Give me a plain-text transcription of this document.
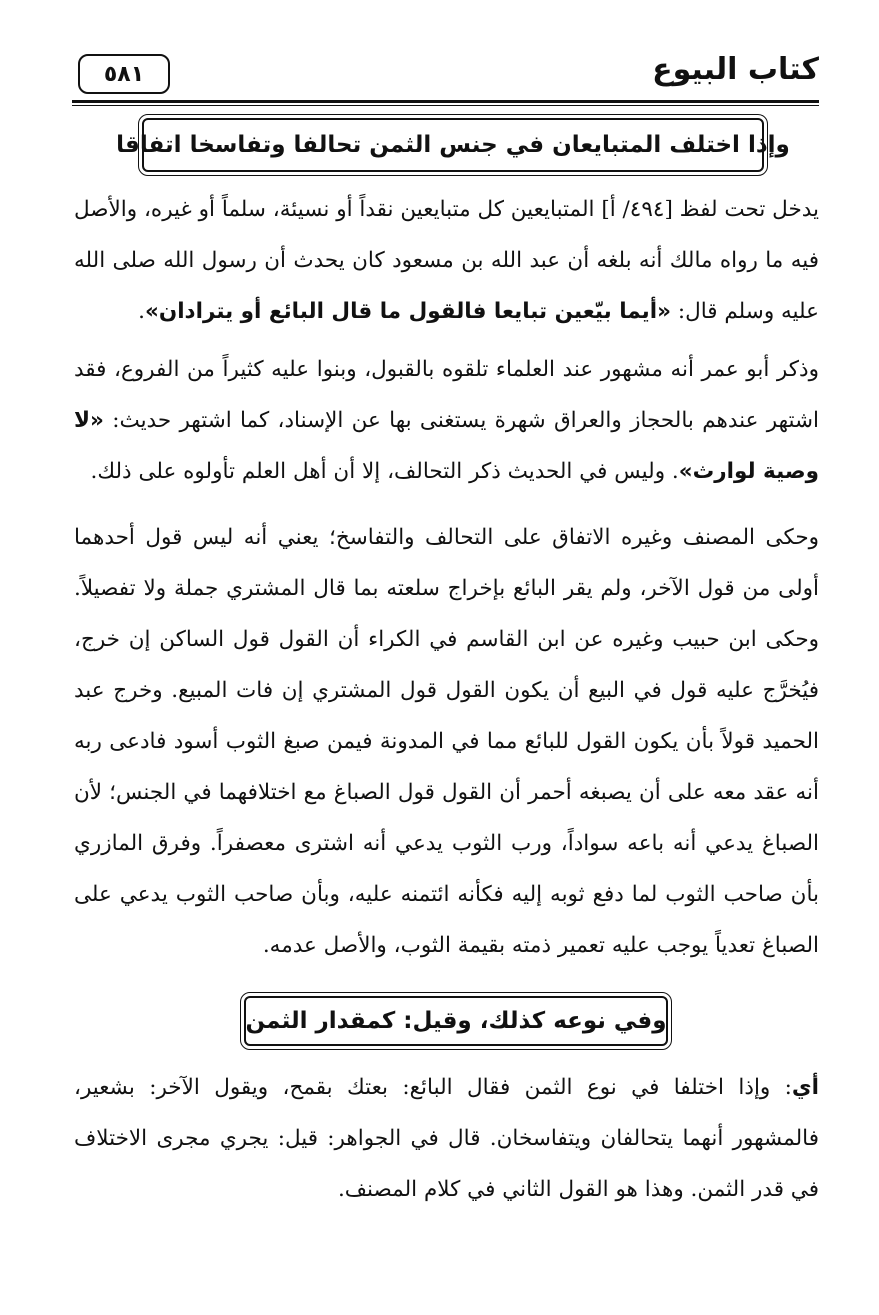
كتاب البيوع
٥٨١
وإذا اختلف المتبايعان في جنس الثمن تحالفا وتفاسخا اتفاقا
يدخل تحت لفظ [٤٩٤/ أ] المتبايعين كل متبايعين نقداً أو نسيئة، سلماً أو غيره، والأصل فيه ما رواه مالك أنه بلغه أن عبد الله بن مسعود كان يحدث أن رسول الله صلى الله عليه وسلم قال: «أيما بيّعين تبايعا فالقول ما قال البائع أو يترادان».
وذكر أبو عمر أنه مشهور عند العلماء تلقوه بالقبول، وبنوا عليه كثيراً من الفروع، فقد اشتهر عندهم بالحجاز والعراق شهرة يستغنى بها عن الإسناد، كما اشتهر حديث: «لا وصية لوارث». وليس في الحديث ذكر التحالف، إلا أن أهل العلم تأولوه على ذلك.
وحكى المصنف وغيره الاتفاق على التحالف والتفاسخ؛ يعني أنه ليس قول أحدهما أولى من قول الآخر، ولم يقر البائع بإخراج سلعته بما قال المشتري جملة ولا تفصيلاً. وحكى ابن حبيب وغيره عن ابن القاسم في الكراء أن القول قول الساكن إن خرج، فيُخرَّج عليه قول في البيع أن يكون القول قول المشتري إن فات المبيع. وخرج عبد الحميد قولاً بأن يكون القول للبائع مما في المدونة فيمن صبغ الثوب أسود فادعى ربه أنه عقد معه على أن يصبغه أحمر أن القول قول الصباغ مع اختلافهما في الجنس؛ لأن الصباغ يدعي أنه باعه سواداً، ورب الثوب يدعي أنه اشترى معصفراً. وفرق المازري بأن صاحب الثوب لما دفع ثوبه إليه فكأنه ائتمنه عليه، وبأن صاحب الثوب يدعي على الصباغ تعدياً يوجب عليه تعمير ذمته بقيمة الثوب، والأصل عدمه.
وفي نوعه كذلك، وقيل: كمقدار الثمن
أي: وإذا اختلفا في نوع الثمن فقال البائع: بعتك بقمح، ويقول الآخر: بشعير، فالمشهور أنهما يتحالفان ويتفاسخان. قال في الجواهر: قيل: يجري مجرى الاختلاف في قدر الثمن. وهذا هو القول الثاني في كلام المصنف.
